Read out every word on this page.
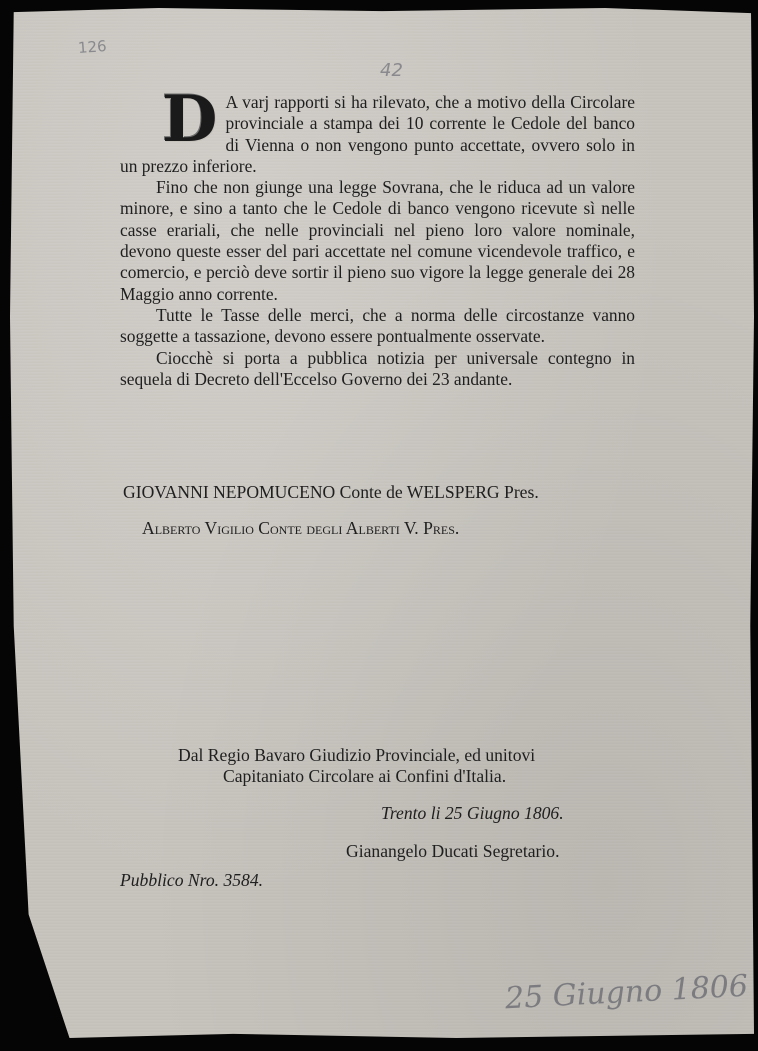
126
42

D A varj rapporti si ha rilevato, che a motivo della Circolare provinciale a stampa dei 10 corrente le Cedole del banco di Vienna o non vengono punto accettate, ovvero solo in un prezzo inferiore.

Fino che non giunge una legge Sovrana, che le riduca ad un valore minore, e sino a tanto che le Cedole di banco vengono ricevute sì nelle casse erariali, che nelle provinciali nel pieno loro valore nominale, devono queste esser del pari accettate nel comune vicendevole traffico, e comercio, e perciò deve sortir il pieno suo vigore la legge generale dei 28 Maggio anno corrente.

Tutte le Tasse delle merci, che a norma delle circostanze vanno soggette a tassazione, devono essere pontualmente osservate.

Ciocchè si porta a pubblica notizia per universale contegno in sequela di Decreto dell'Eccelso Governo dei 23 andante.

GIOVANNI NEPOMUCENO Conte de WELSPERG Pres.
Alberto Vigilio Conte degli Alberti V. Pres.
Dal Regio Bavaro Giudizio Provinciale, ed unitovi
Capitaniato Circolare ai Confini d'Italia.
Trento li 25 Giugno 1806.
Gianangelo Ducati Segretario.
Pubblico Nro. 3584.
25 Giugno 1806
